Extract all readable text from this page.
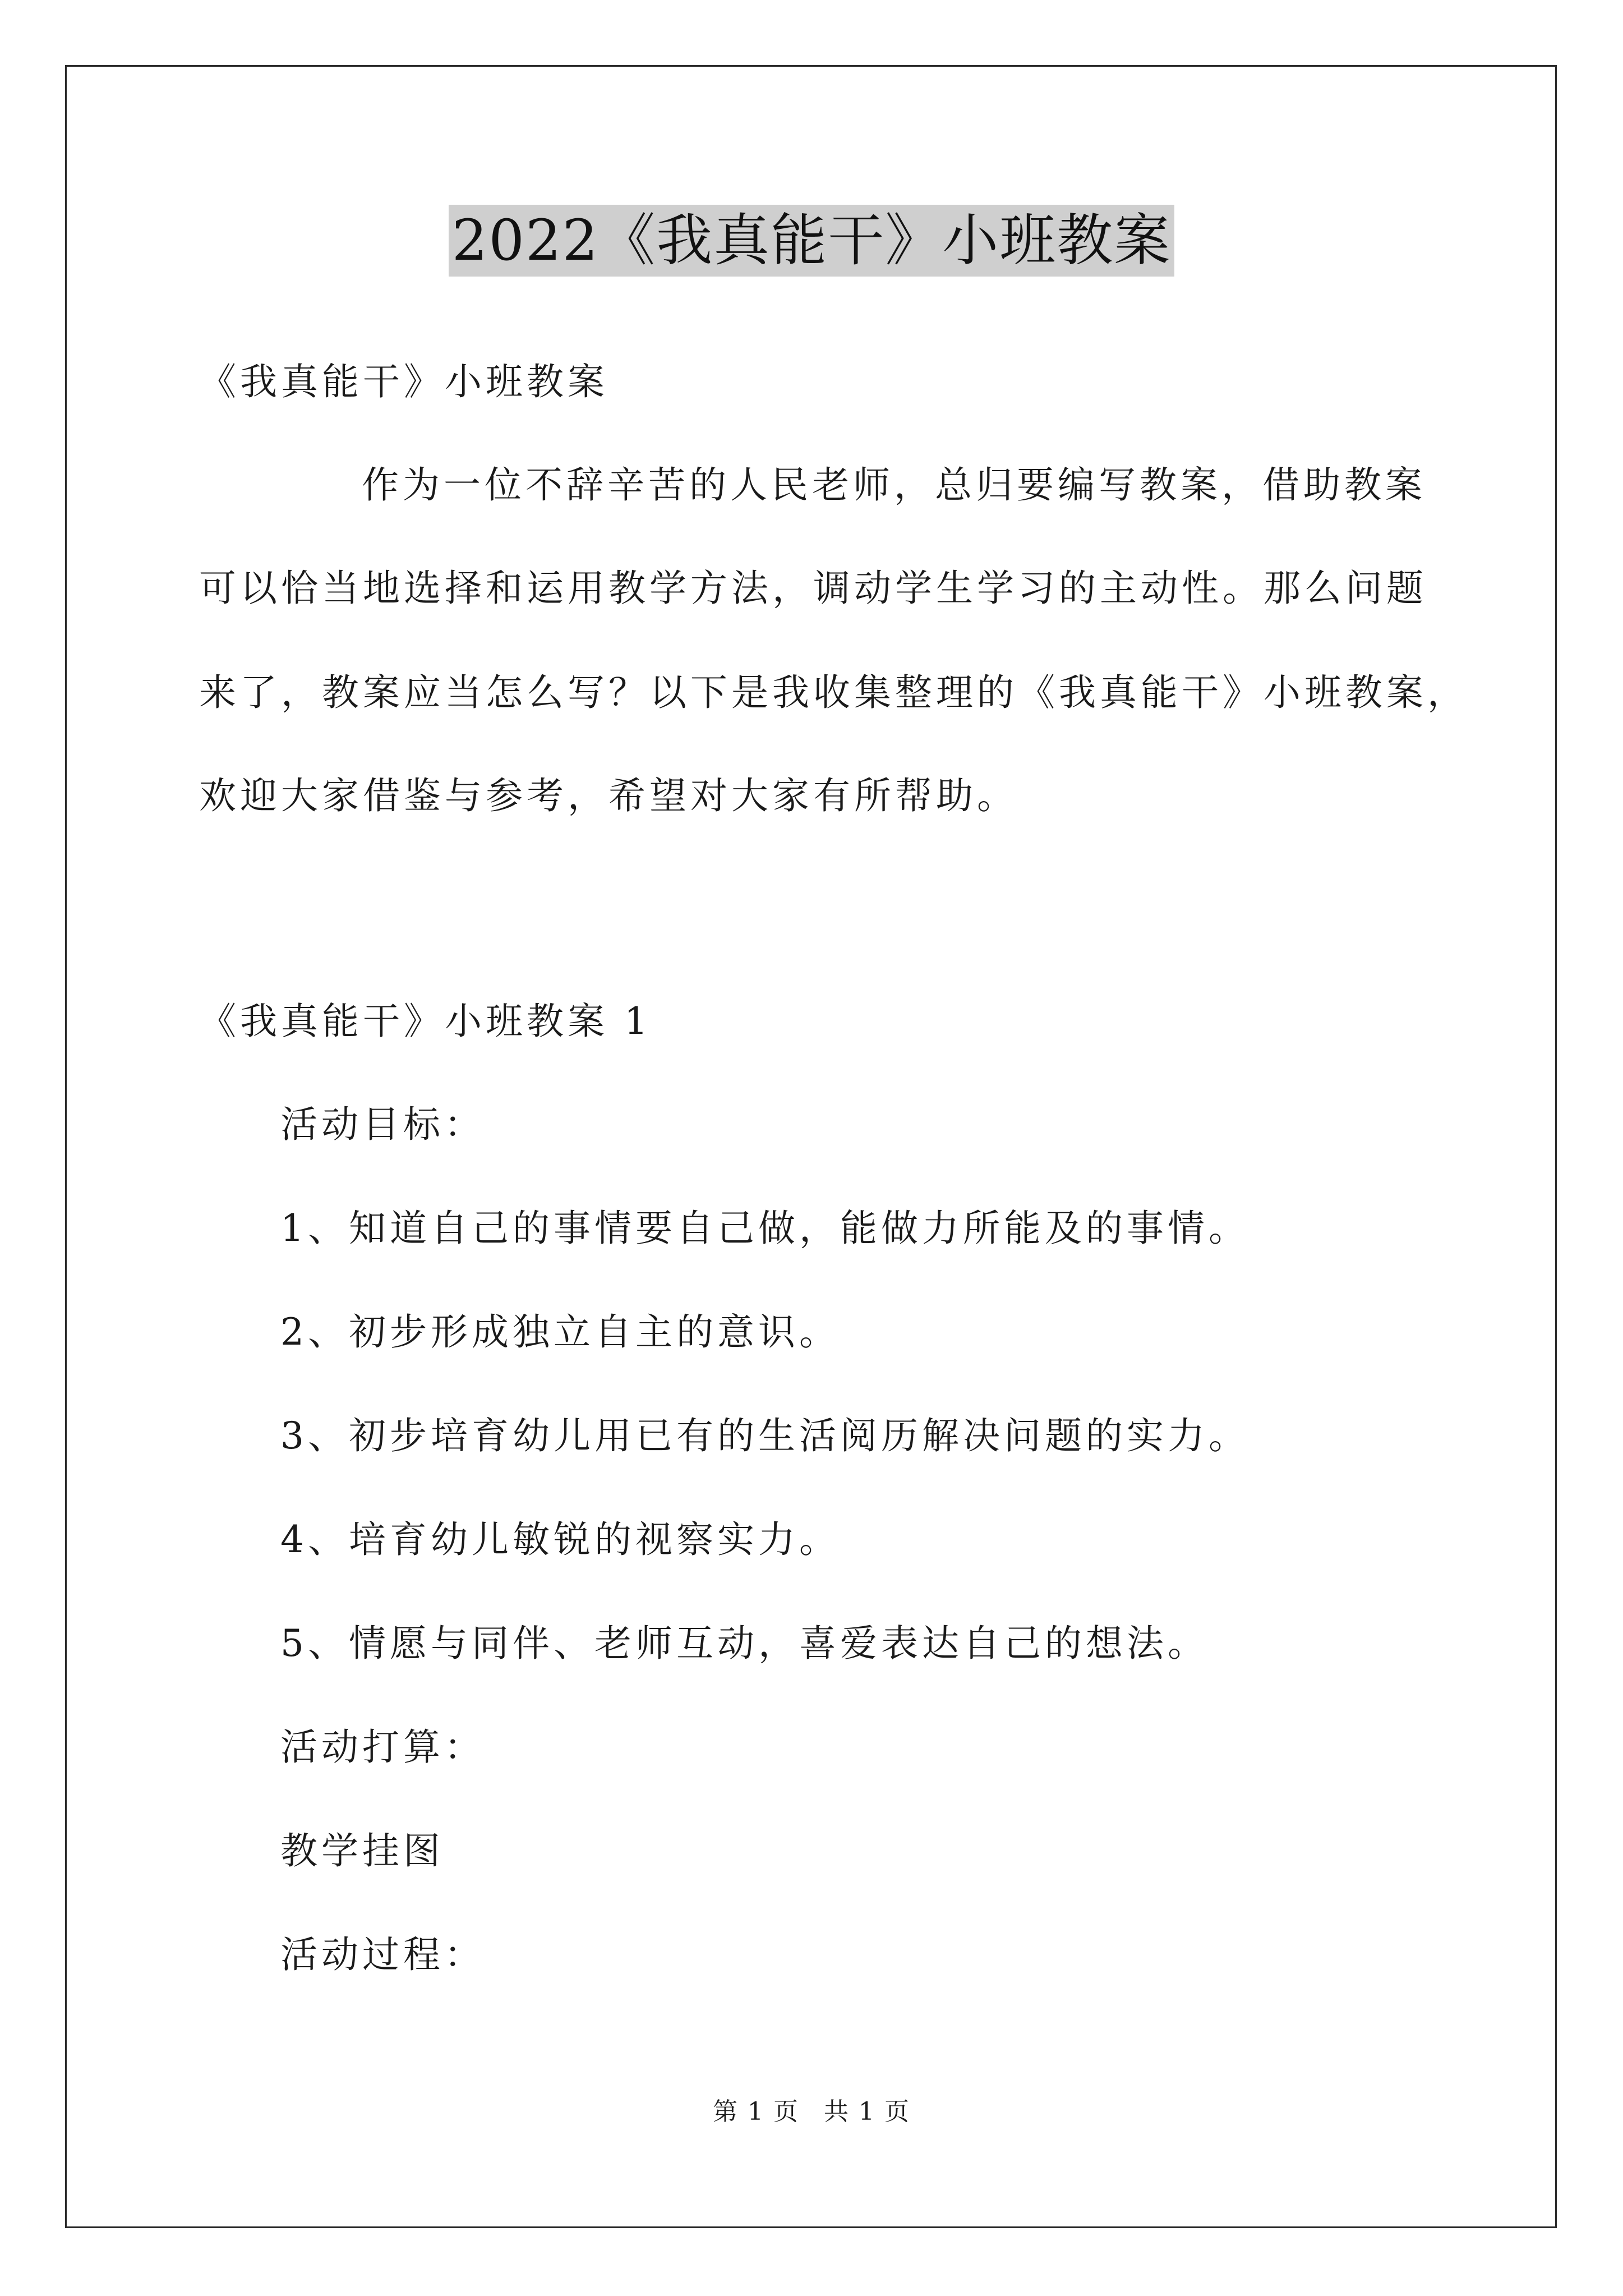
2022《我真能干》小班教案
《我真能干》小班教案
作为一位不辞辛苦的人民老师，总归要编写教案，借助教案
可以恰当地选择和运用教学方法，调动学生学习的主动性。那么问题
来了，教案应当怎么写？以下是我收集整理的《我真能干》小班教案，
欢迎大家借鉴与参考，希望对大家有所帮助。
《我真能干》小班教案 1
活动目标：
1、知道自己的事情要自己做，能做力所能及的事情。
2、初步形成独立自主的意识。
3、初步培育幼儿用已有的生活阅历解决问题的实力。
4、培育幼儿敏锐的视察实力。
5、情愿与同伴、老师互动，喜爱表达自己的想法。
活动打算：
教学挂图
活动过程：
第 1 页 共 1 页
